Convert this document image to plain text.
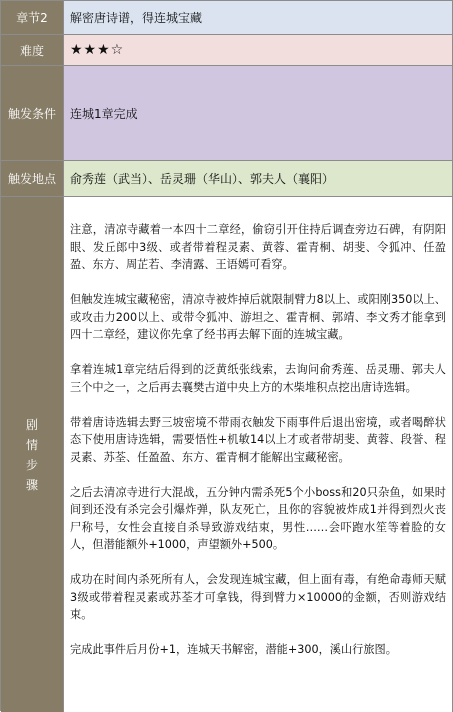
章节2	解密唐诗谱，得连城宝藏
难度	★★★☆
触发条件	连城1章完成
触发地点	俞秀莲（武当）、岳灵珊（华山）、郭夫人（襄阳）
剧
情
步
骤

注意，清凉寺藏着一本四十二章经，偷窃引开住持后调查旁边石碑，有阴阳眼、发丘郎中3级、或者带着程灵素、黄蓉、霍青桐、胡斐、令狐冲、任盈盈、东方、周芷若、李清露、王语嫣可看穿。

但触发连城宝藏秘密，清凉寺被炸掉后就限制臂力8以上、或阳刚350以上、或攻击力200以上、或带令狐冲、游坦之、霍青桐、郭靖、李文秀才能拿到四十二章经，建议你先拿了经书再去解下面的连城宝藏。

拿着连城1章完结后得到的泛黄纸张线索，去询问俞秀莲、岳灵珊、郭夫人三个中之一，之后再去襄樊古道中央上方的木柴堆积点挖出唐诗选辑。

带着唐诗选辑去野三坡密境不带雨衣触发下雨事件后退出密境，或者喝醉状态下使用唐诗选辑，需要悟性+机敏14以上才或者带胡斐、黄蓉、段誉、程灵素、苏荃、任盈盈、东方、霍青桐才能解出宝藏秘密。

之后去清凉寺进行大混战，五分钟内需杀死5个小boss和20只杂鱼，如果时间到还没有杀完会引爆炸弹，队友死亡，且你的容貌被炸成1并得到烈火丧尸称号，女性会直接自杀导致游戏结束，男性……会吓跑水笙等着脸的女人，但潜能额外+1000，声望额外+500。

成功在时间内杀死所有人，会发现连城宝藏，但上面有毒，有绝命毒师天赋3级或带着程灵素或苏荃才可拿钱，得到臂力×10000的金额，否则游戏结束。

完成此事件后月份+1，连城天书解密，潜能+300，溪山行旅图。
